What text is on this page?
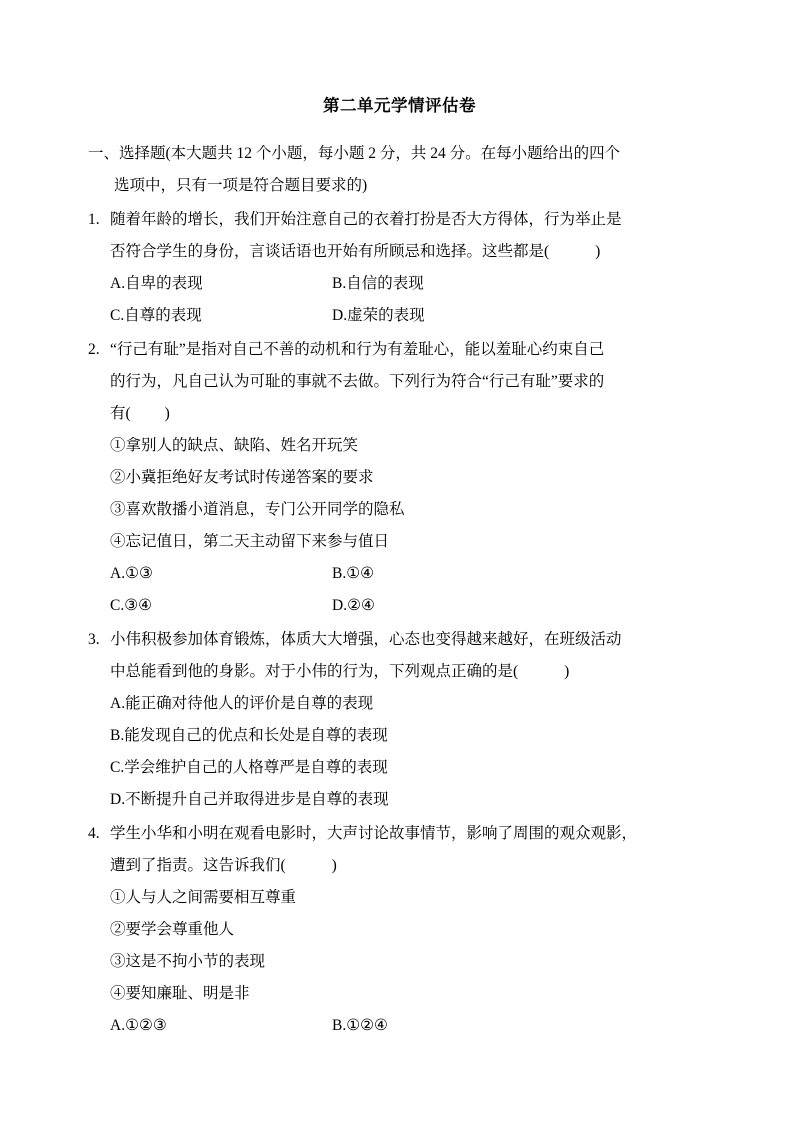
第二单元学情评估卷
一、选择题(本大题共 12 个小题，每小题 2 分，共 24 分。在每小题给出的四个
选项中，只有一项是符合题目要求的)
1. 随着年龄的增长，我们开始注意自己的衣着打扮是否大方得体，行为举止是

否符合学生的身份，言谈话语也开始有所顾忌和选择。这些都是(	)

A.自卑的表现	B.自信的表现
C.自尊的表现	D.虚荣的表现
2. “行己有耻”是指对自己不善的动机和行为有羞耻心，能以羞耻心约束自己

的行为，凡自己认为可耻的事就不去做。下列行为符合“行己有耻”要求的

有( )

①拿别人的缺点、缺陷、姓名开玩笑

②小冀拒绝好友考试时传递答案的要求

③喜欢散播小道消息，专门公开同学的隐私

④忘记值日，第二天主动留下来参与值日

A.①③	B.①④
C.③④	D.②④
3. 小伟积极参加体育锻炼，体质大大增强，心态也变得越来越好，在班级活动

中总能看到他的身影。对于小伟的行为，下列观点正确的是(	)

A.能正确对待他人的评价是自尊的表现

B.能发现自己的优点和长处是自尊的表现

C.学会维护自己的人格尊严是自尊的表现

D.不断提升自己并取得进步是自尊的表现

4. 学生小华和小明在观看电影时，大声讨论故事情节，影响了周围的观众观影，

遭到了指责。这告诉我们(	)

①人与人之间需要相互尊重

②要学会尊重他人

③这是不拘小节的表现

④要知廉耻、明是非

A.①②③	B.①②④
